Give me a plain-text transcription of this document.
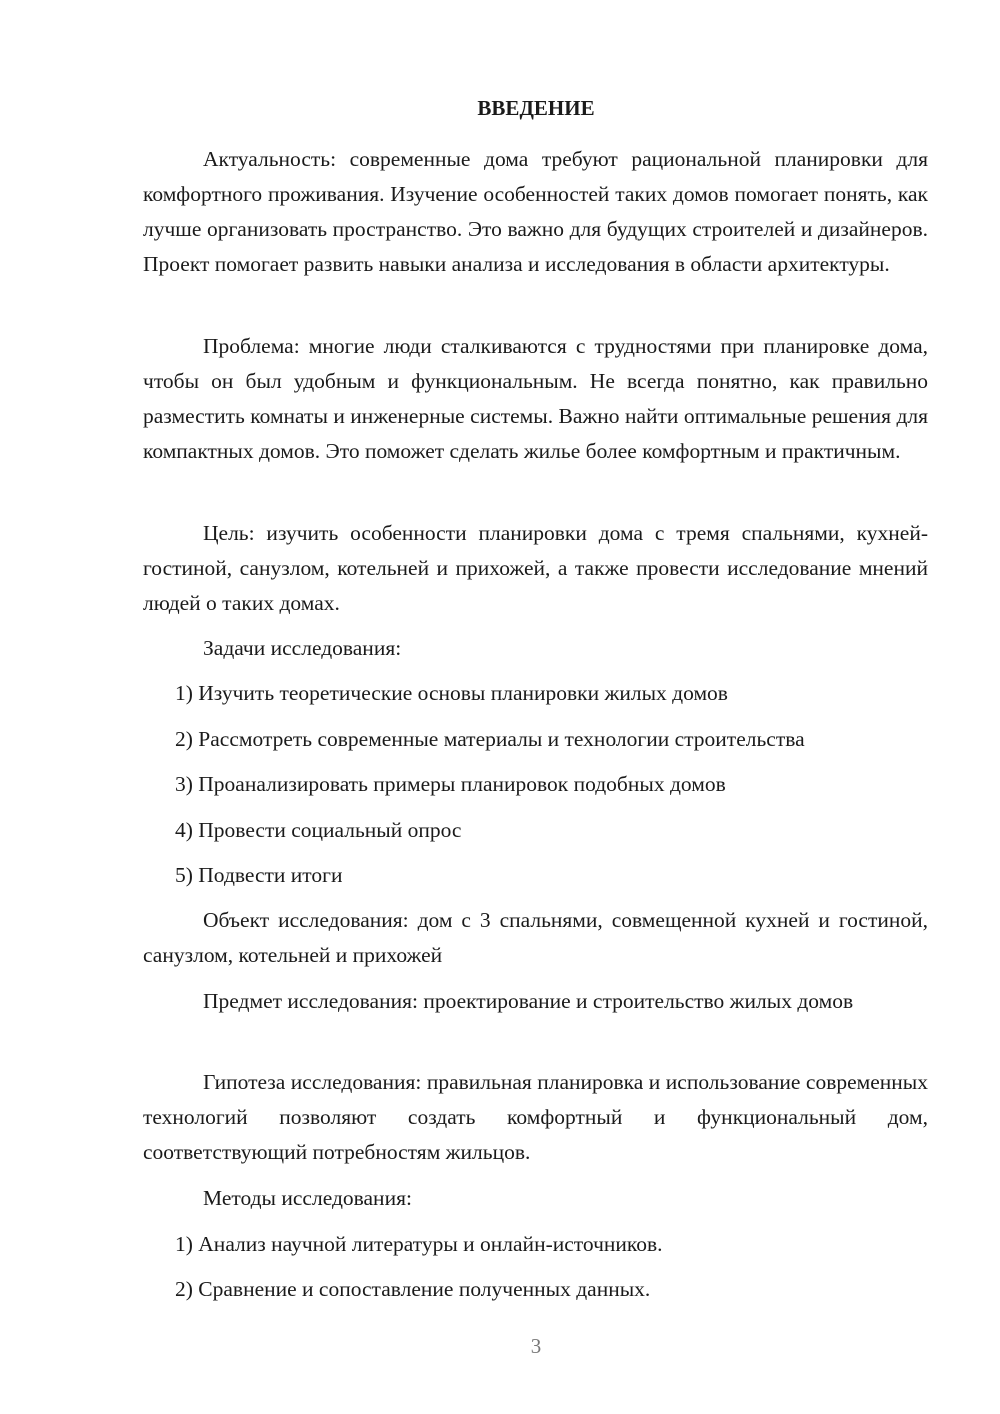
ВВЕДЕНИЕ

Актуальность: современные дома требуют рациональной планировки для комфортного проживания. Изучение особенностей таких домов помогает понять, как лучше организовать пространство. Это важно для будущих строителей и дизайнеров. Проект помогает развить навыки анализа и исследования в области архитектуры.

Проблема: многие люди сталкиваются с трудностями при планировке дома, чтобы он был удобным и функциональным. Не всегда понятно, как правильно разместить комнаты и инженерные системы. Важно найти оптимальные решения для компактных домов. Это поможет сделать жилье более комфортным и практичным.

Цель: изучить особенности планировки дома с тремя спальнями, кухней-гостиной, санузлом, котельней и прихожей, а также провести исследование мнений людей о таких домах.

Задачи исследования:

1) Изучить теоретические основы планировки жилых домов

2) Рассмотреть современные материалы и технологии строительства

3) Проанализировать примеры планировок подобных домов

4) Провести социальный опрос

5) Подвести итоги

Объект исследования: дом с 3 спальнями, совмещенной кухней и гостиной, санузлом, котельней и прихожей

Предмет исследования: проектирование и строительство жилых домов

Гипотеза исследования: правильная планировка и использование современных технологий позволяют создать комфортный и функциональный дом, соответствующий потребностям жильцов.

Методы исследования:

1) Анализ научной литературы и онлайн-источников.

2) Сравнение и сопоставление полученных данных.

3
